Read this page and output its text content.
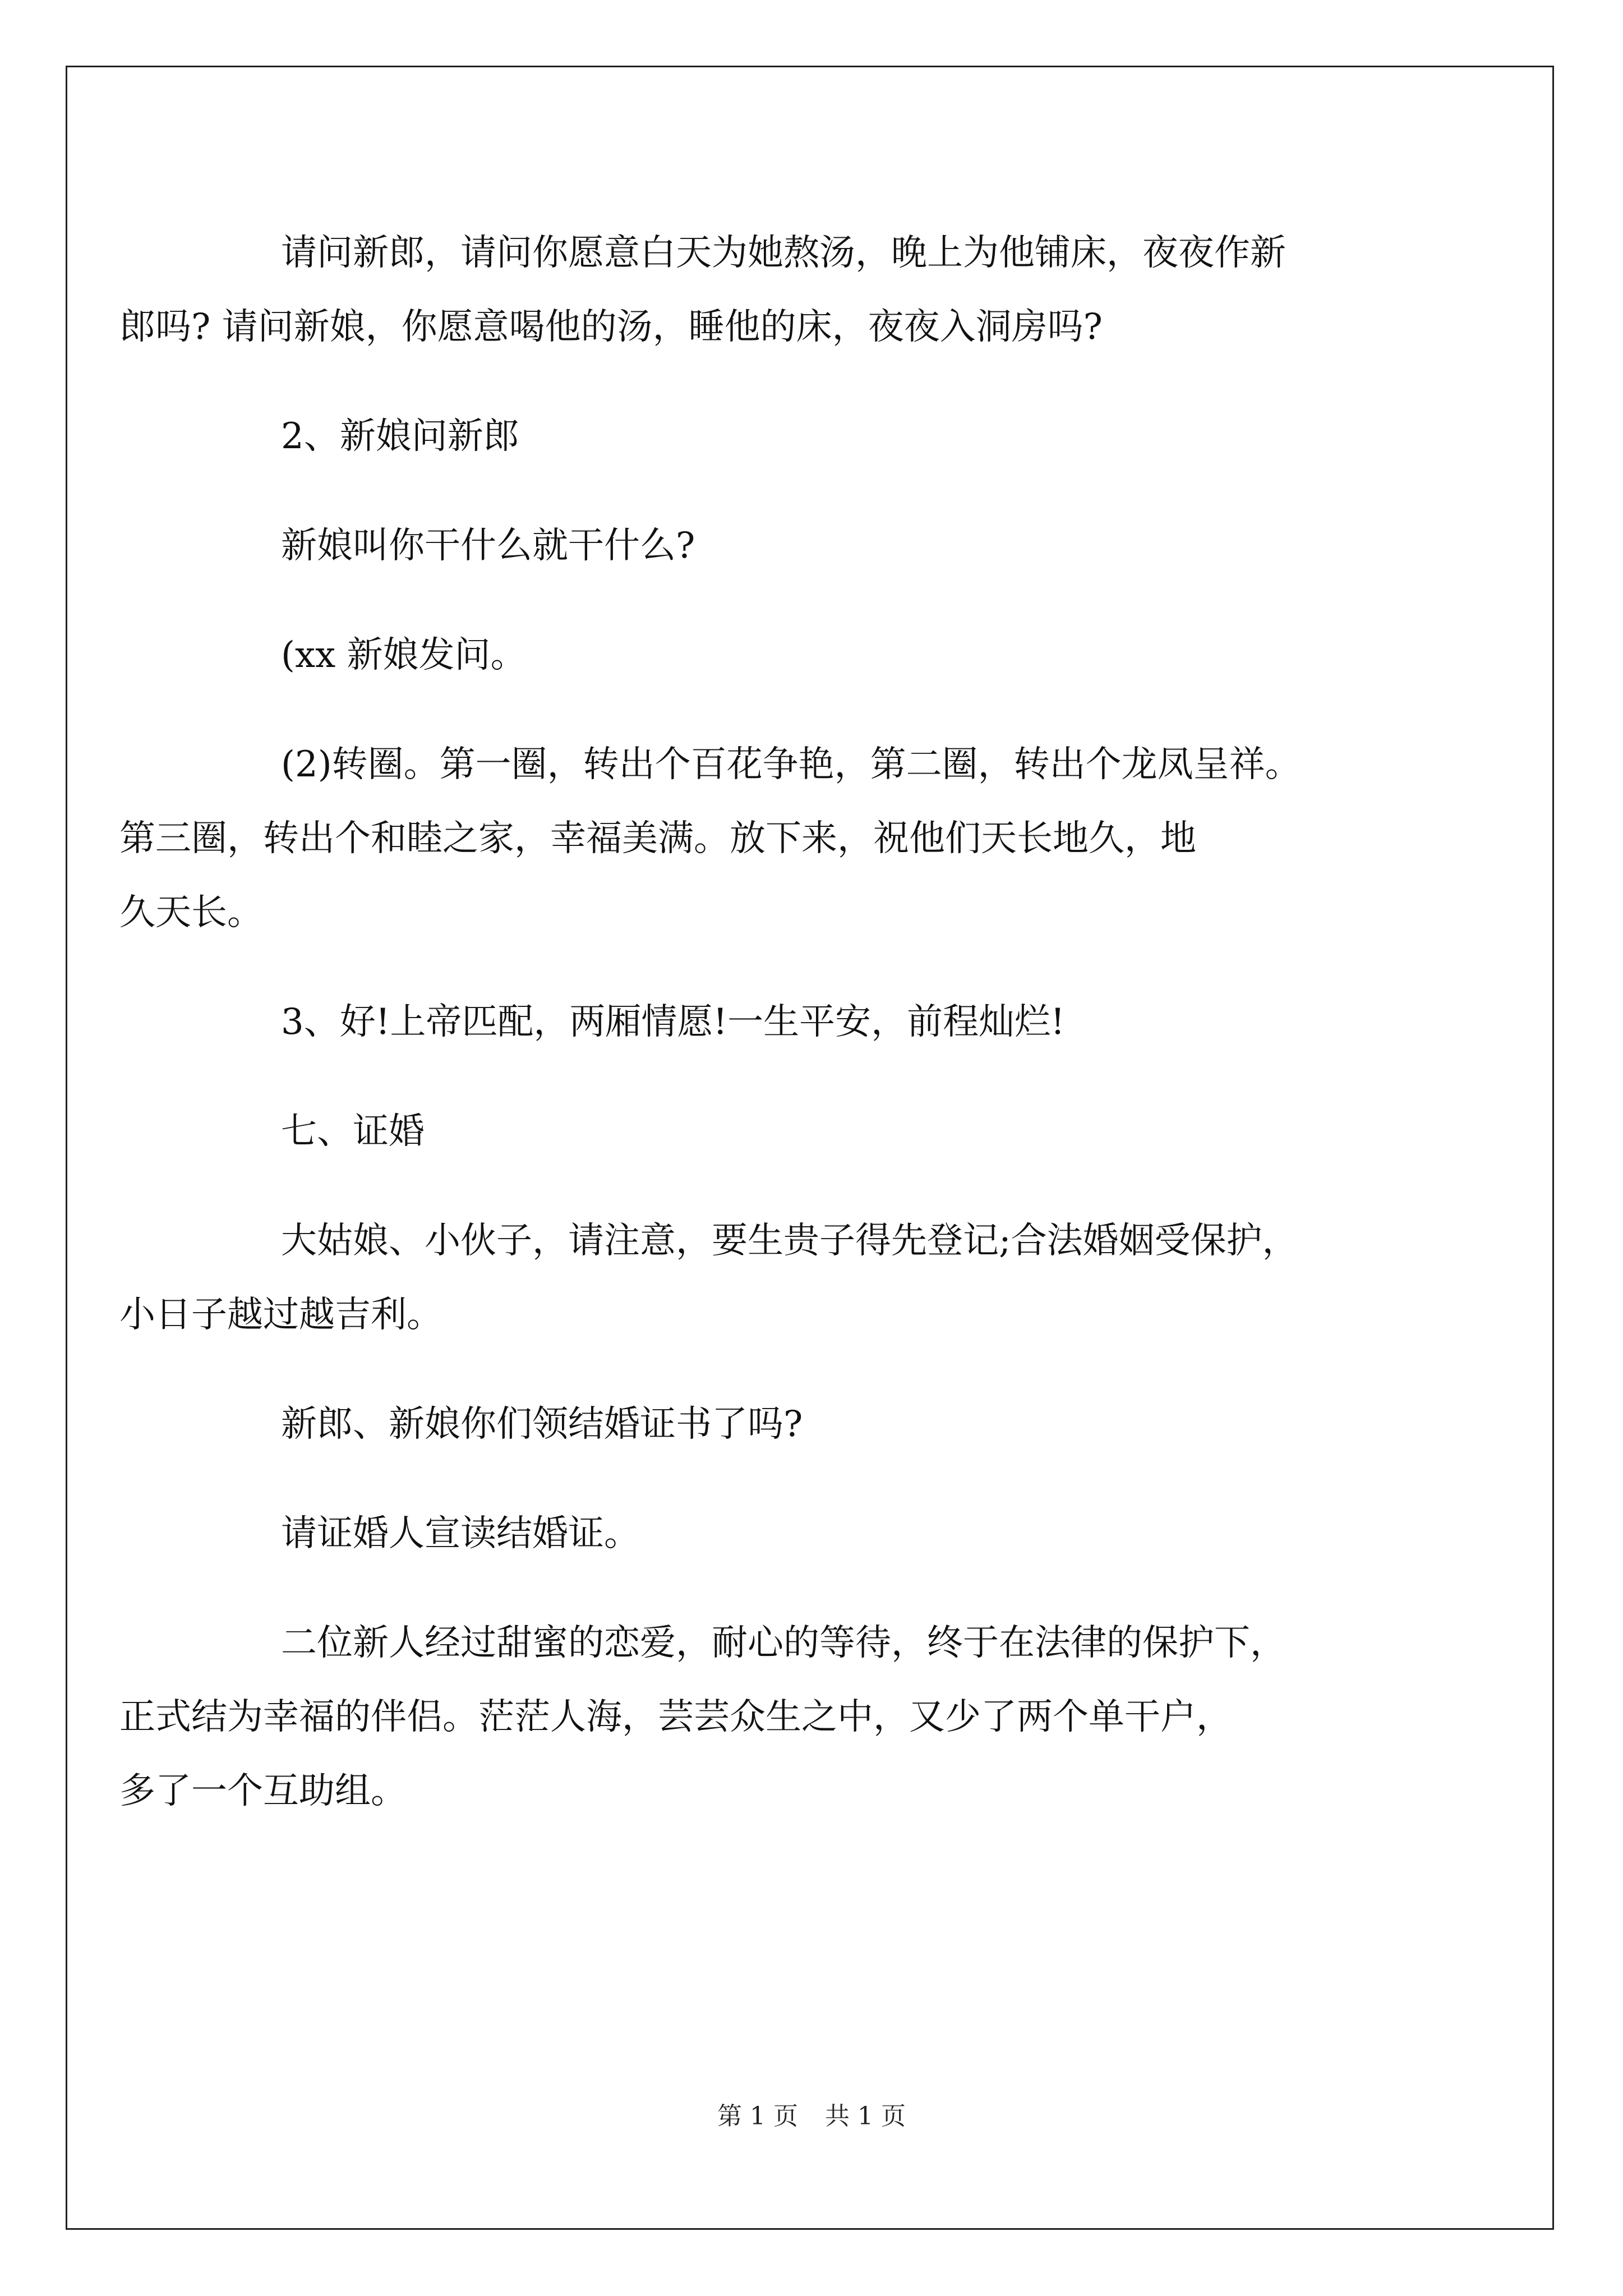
请问新郎，请问你愿意白天为她熬汤，晚上为他铺床，夜夜作新
郎吗? 请问新娘，你愿意喝他的汤，睡他的床，夜夜入洞房吗?

2、新娘问新郎

新娘叫你干什么就干什么?

(xx 新娘发问。

(2)转圈。第一圈，转出个百花争艳，第二圈，转出个龙凤呈祥。
第三圈，转出个和睦之家，幸福美满。放下来，祝他们天长地久，地
久天长。

3、好!上帝匹配，两厢情愿!一生平安，前程灿烂!

七、证婚

大姑娘、小伙子，请注意，要生贵子得先登记;合法婚姻受保护，
小日子越过越吉利。

新郎、新娘你们领结婚证书了吗?

请证婚人宣读结婚证。

二位新人经过甜蜜的恋爱，耐心的等待，终于在法律的保护下，
正式结为幸福的伴侣。茫茫人海，芸芸众生之中，又少了两个单干户，
多了一个互助组。

第 1 页 共 1 页
